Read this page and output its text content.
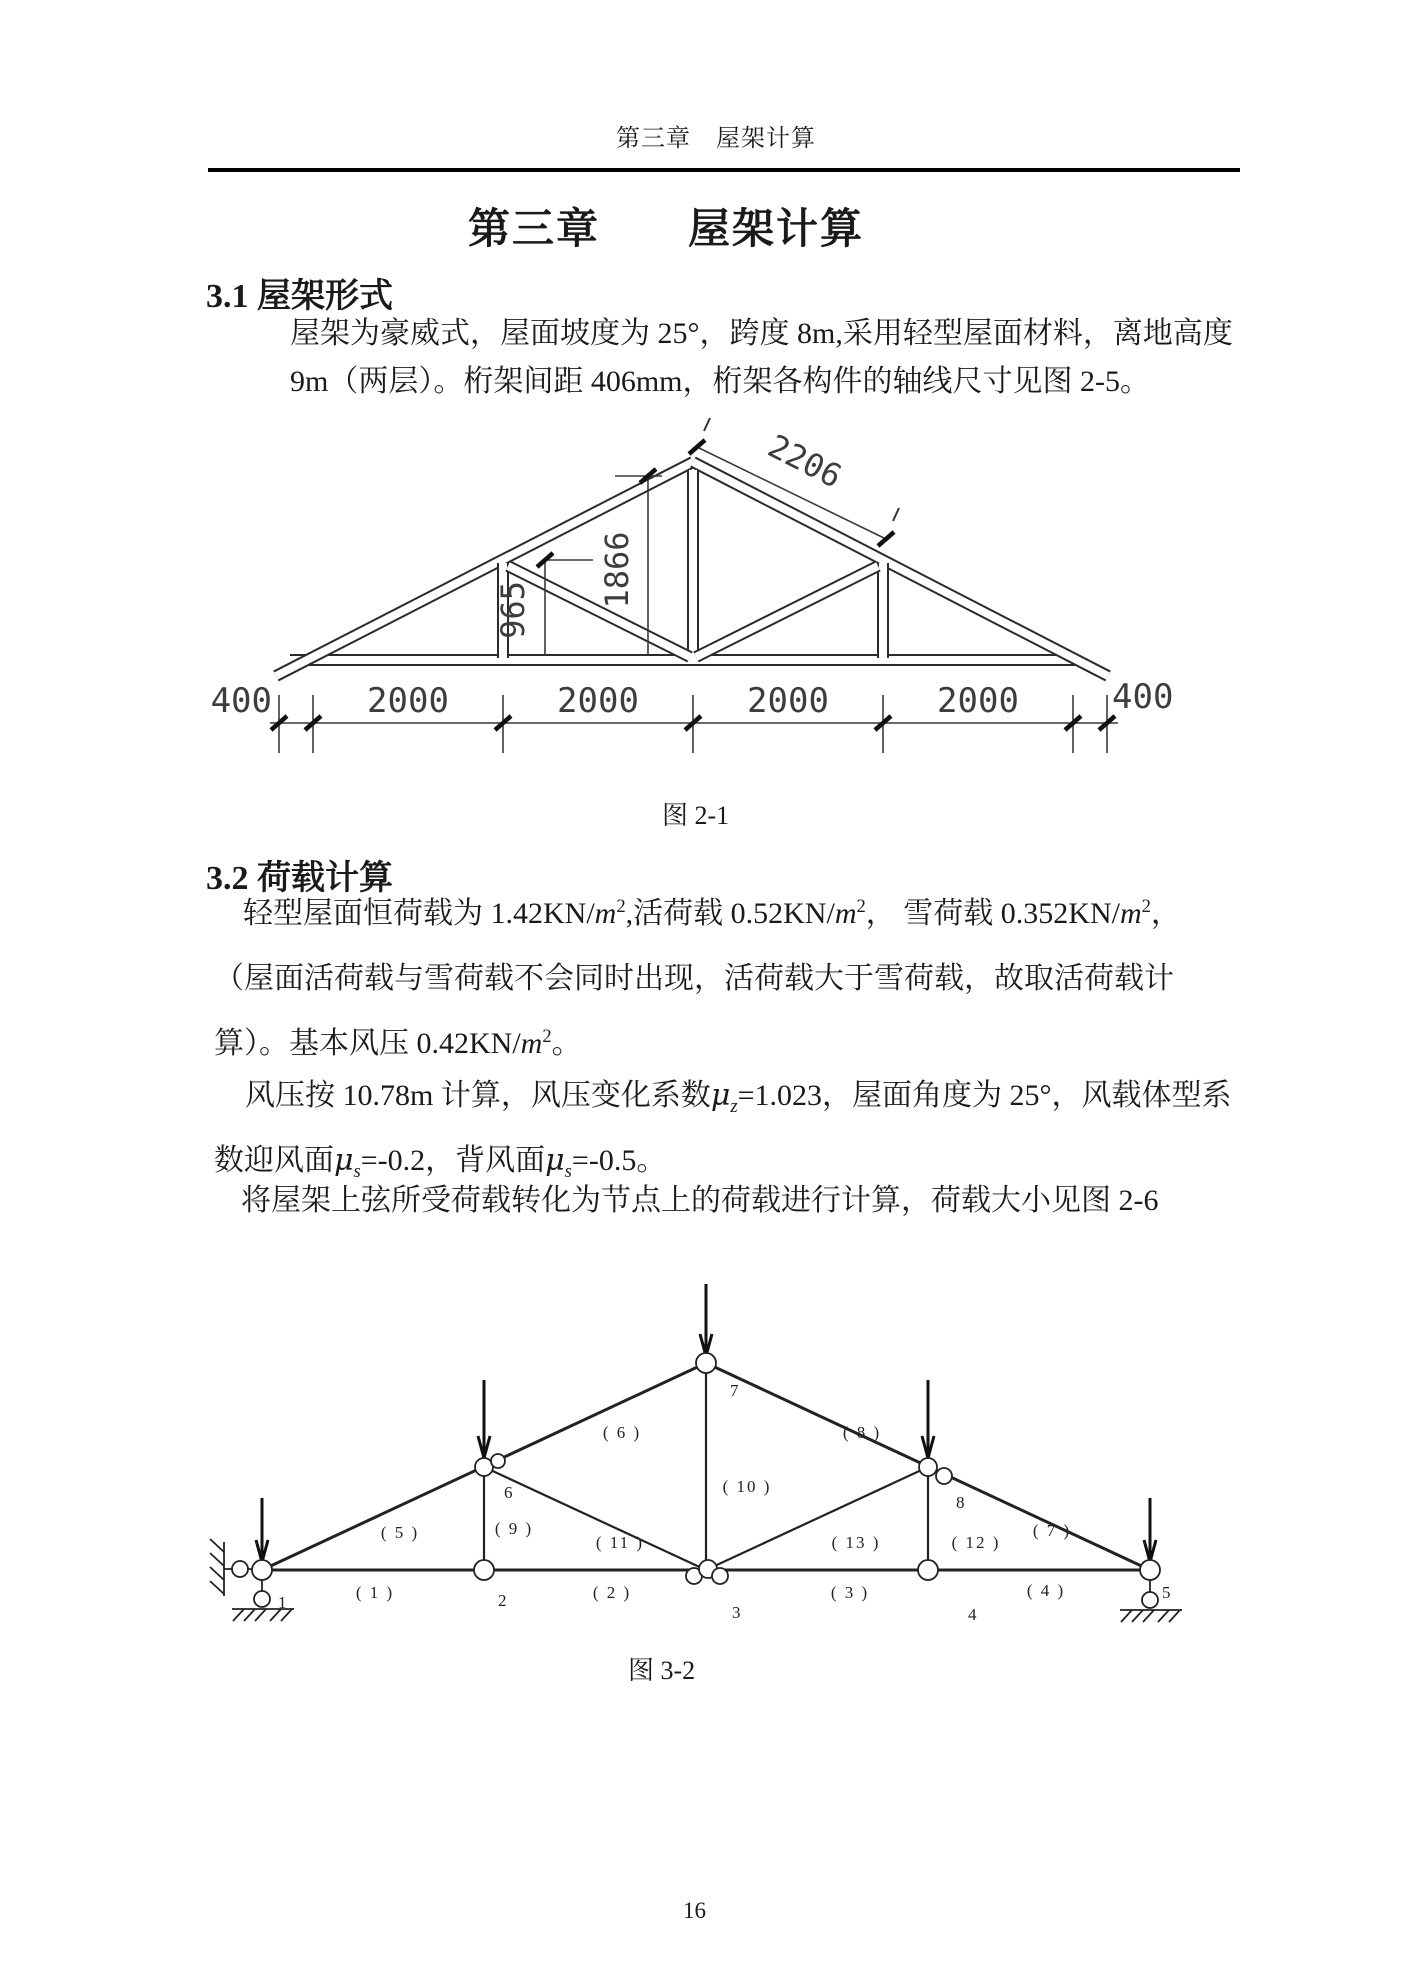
第三章　屋架计算
第三章　　屋架计算
3.1 屋架形式
屋架为豪威式，屋面坡度为 25°，跨度 8m,采用轻型屋面材料，离地高度
9m（两层）。桁架间距 406mm，桁架各构件的轴线尺寸见图 2-5。
965
1866
2206
400	2000	2000	2000	2000	400
图 2-1
3.2 荷载计算
轻型屋面恒荷载为 $1.42KN/m^2$,活荷载 $0.52KN/m^2$， 雪荷载 $0.352KN/m^2$，
（屋面活荷载与雪荷载不会同时出现，活荷载大于雪荷载，故取活荷载计
算）。基本风压 $0.42KN/m^2$。
风压按 10.78m 计算，风压变化系数$\mu_z=1.023$，屋面角度为 25°，风载体型系
数迎风面$\mu_s=-0.2$，背风面$\mu_s=-0.5$。
将屋架上弦所受荷载转化为节点上的荷载进行计算，荷载大小见图 2-6
1	2
3	4
5
6
7
8
( 1 )	( 2 )	( 3 )	( 4 )
( 5 )
( 6 )
( 7 )
( 8 )
( 9 )
( 10 )
( 11 )	( 12 )
( 13 )
图 3-2
16
